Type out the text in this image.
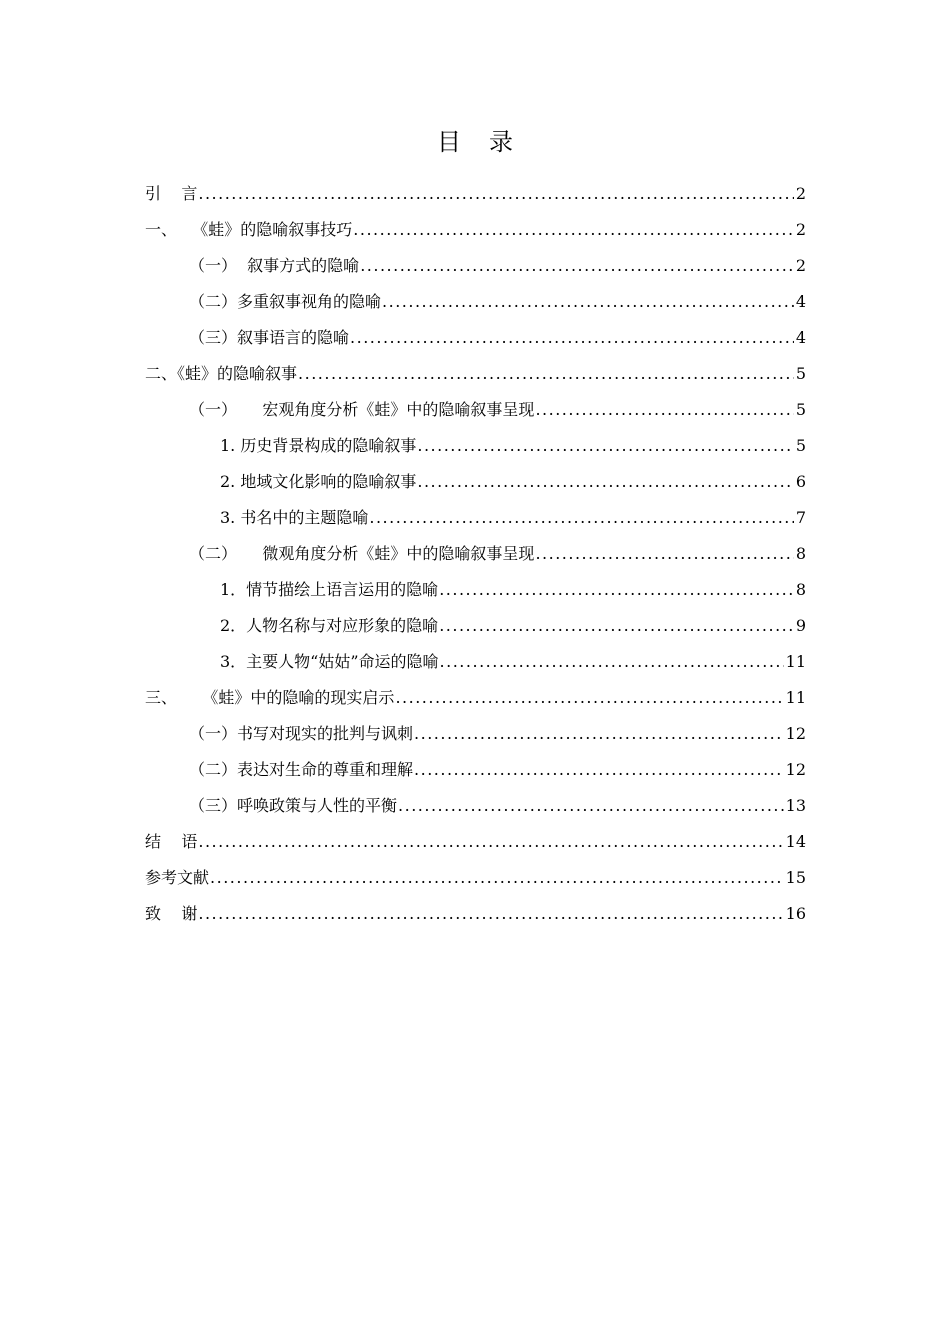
目录
引    言 .....	2
一、   《蛙》的隐喻叙事技巧 .....	2
（一）  叙事方式的隐喻 .....	2
（二）多重叙事视角的隐喻 .....	4
（三）叙事语言的隐喻 .....	4
二、《蛙》的隐喻叙事 .....	5
（一）     宏观角度分析《蛙》中的隐喻叙事呈现 .....	5
1. 历史背景构成的隐喻叙事 .....	5
2. 地域文化影响的隐喻叙事 .....	6
3. 书名中的主题隐喻 .....	7
（二）     微观角度分析《蛙》中的隐喻叙事呈现 .....	8
1．情节描绘上语言运用的隐喻 .....	8
2．人物名称与对应形象的隐喻 .....	9
3．主要人物“姑姑”命运的隐喻 .....	11
三、     《蛙》中的隐喻的现实启示 .....	11
（一）书写对现实的批判与讽刺 .....	12
（二）表达对生命的尊重和理解 .....	12
（三）呼唤政策与人性的平衡 .....	13
结    语 .....	14
参考文献 .....	15
致    谢 .....	16
